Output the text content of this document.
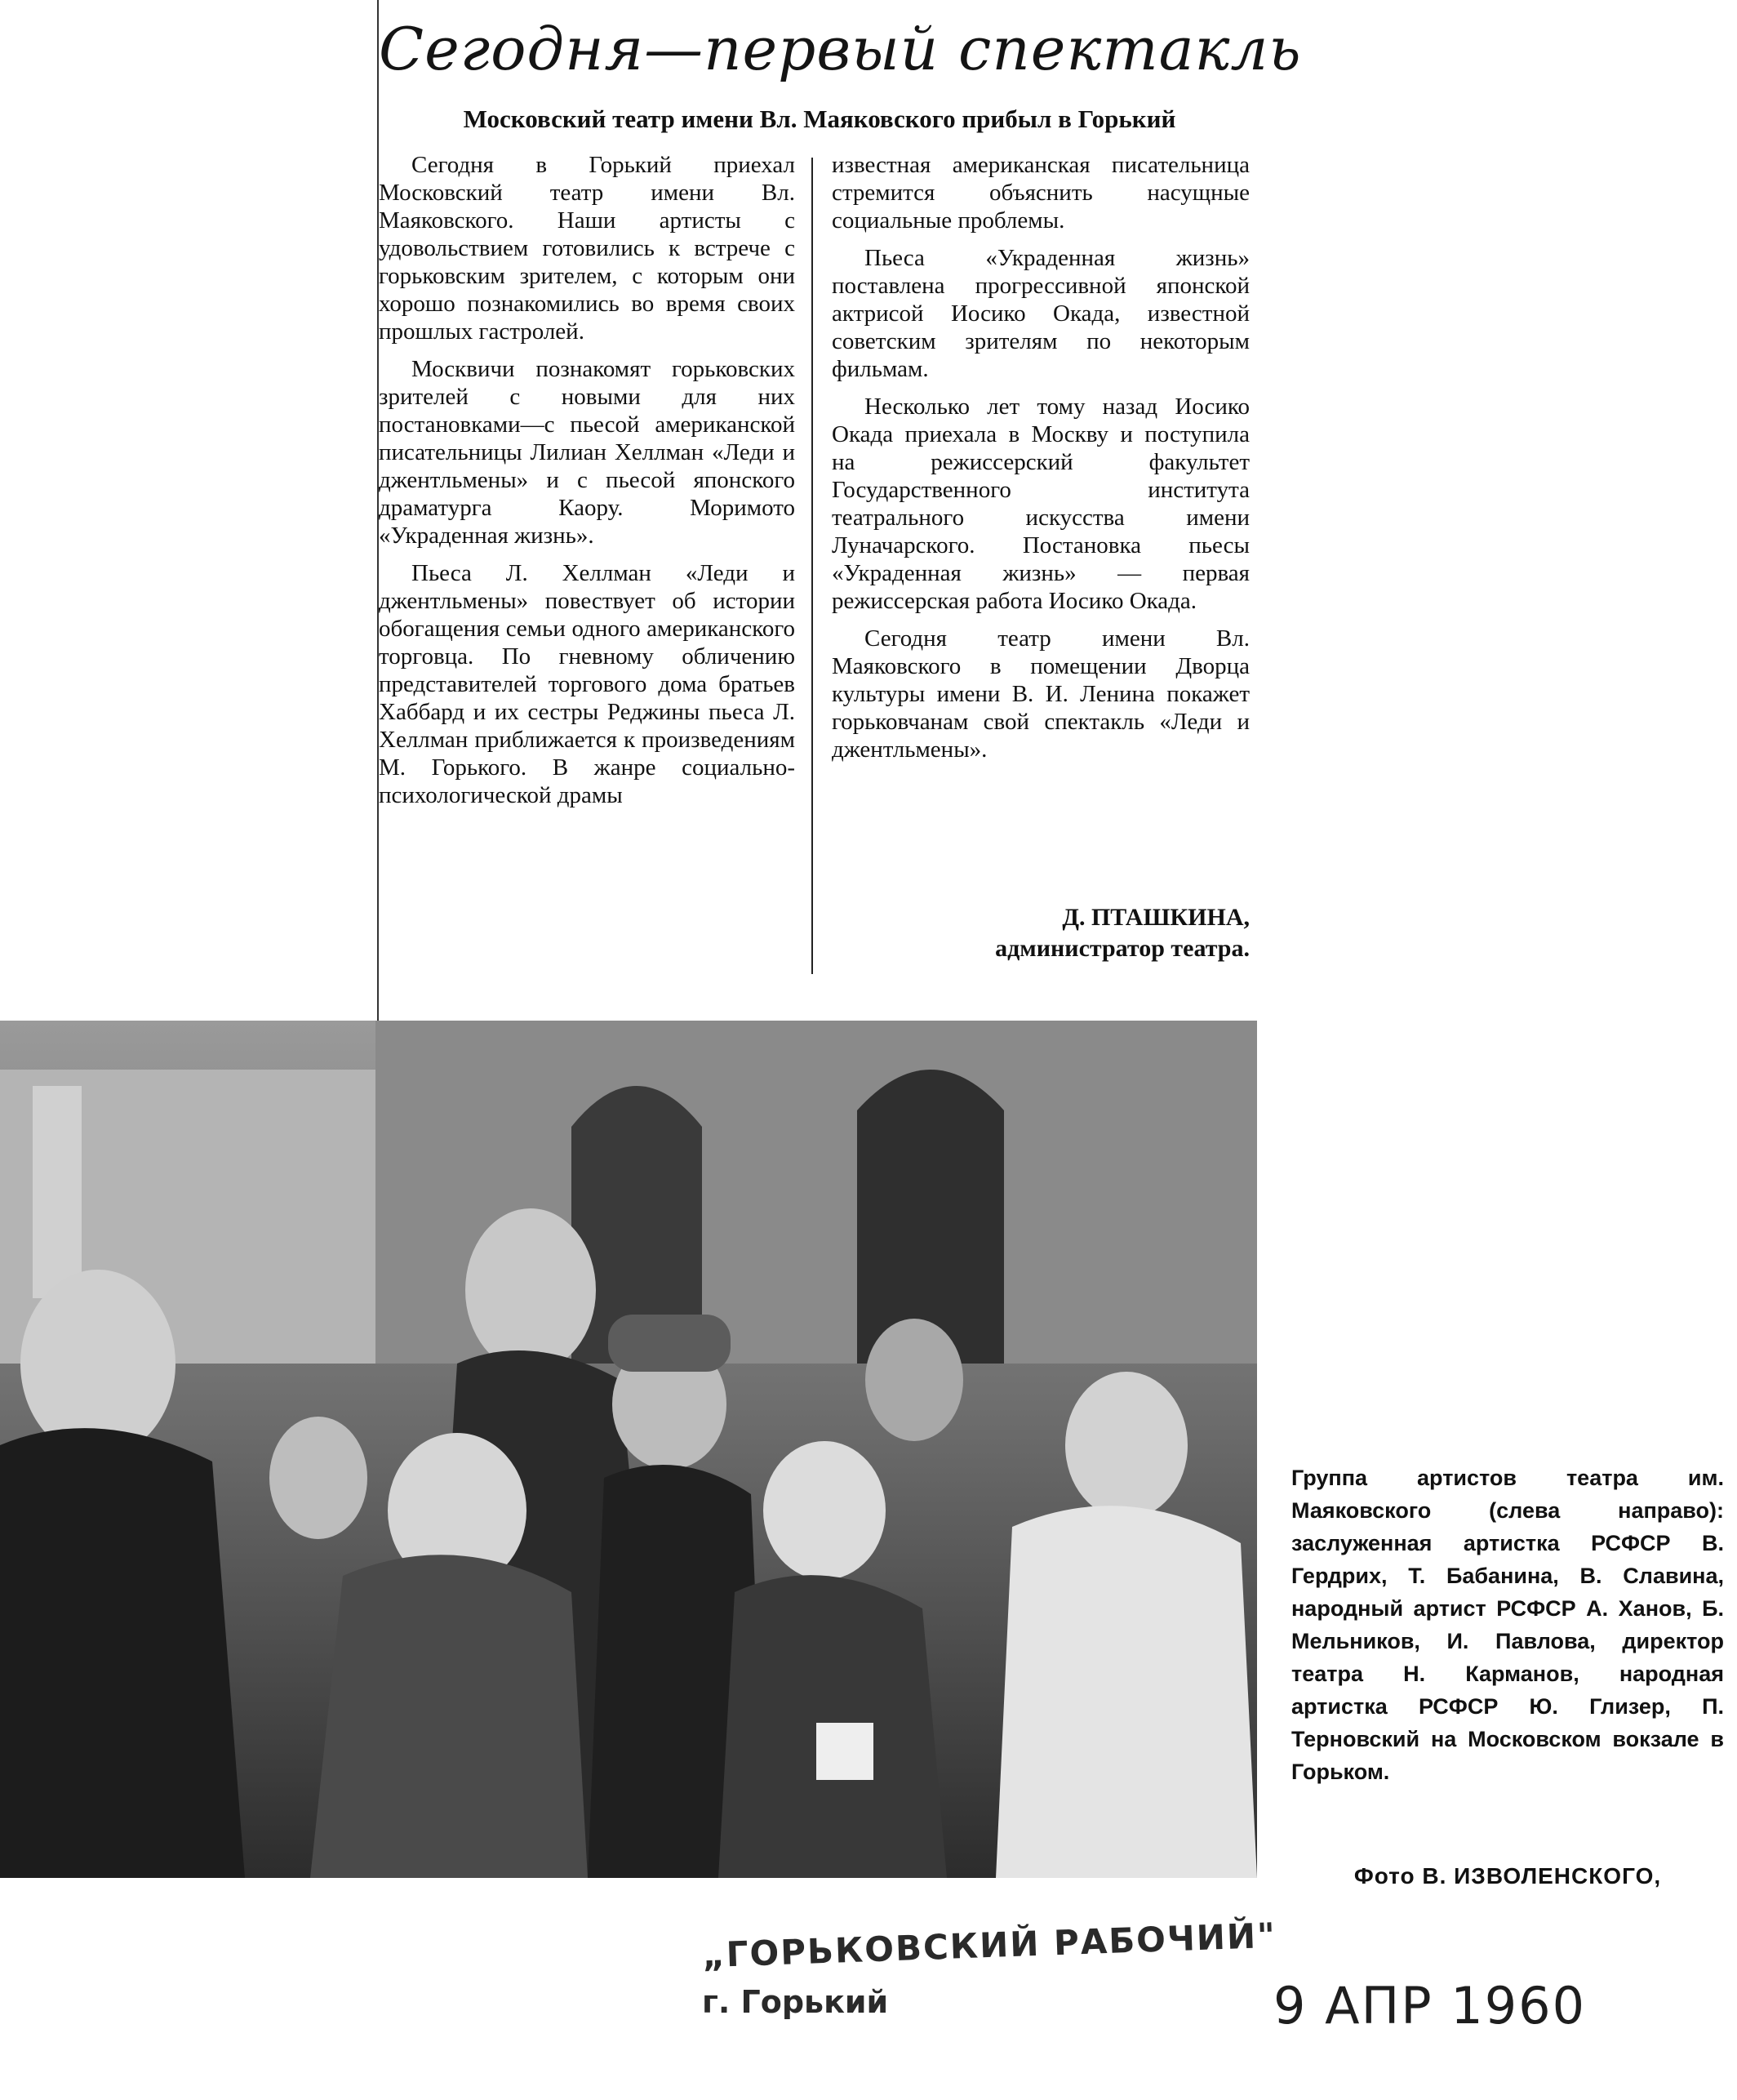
Сегодня—первый спектакль
Московский театр имени Вл. Маяковского прибыл в Горький

Сегодня в Горький приехал Московский театр имени Вл. Маяковского. Наши артисты с удовольствием готовились к встрече с горьковским зрителем, с которым они хорошо познакомились во время своих прошлых гастролей.

Москвичи познакомят горьковских зрителей с новыми для них постановками—с пьесой американской писательницы Лилиан Хеллман «Леди и джентльмены» и с пьесой японского драматурга Каору. Моримото «Украденная жизнь».

Пьеса Л. Хеллман «Леди и джентльмены» повествует об истории обогащения семьи одного американского торговца. По гневному обличению представителей торгового дома братьев Хаббард и их сестры Реджины пьеса Л. Хеллман приближается к произведениям М. Горького. В жанре социально-психологической драмы

известная американская писательница стремится объяснить насущные социальные проблемы.

Пьеса «Украденная жизнь» поставлена прогрессивной японской актрисой Иосико Окада, известной советским зрителям по некоторым фильмам.

Несколько лет тому назад Иосико Окада приехала в Москву и поступила на режиссерский факультет Государственного института театрального искусства имени Луначарского. Постановка пьесы «Украденная жизнь» — первая режиссерская работа Иосико Окада.

Сегодня театр имени Вл. Маяковского в помещении Дворца культуры имени В. И. Ленина покажет горьковчанам свой спектакль «Леди и джентльмены».

Д. ПТАШКИНА,
администратор театра.
Группа артистов театра им. Маяковского (слева направо): заслуженная артистка РСФСР В. Гердрих, Т. Бабанина, В. Славина, народный артист РСФСР А. Ханов, Б. Мельников, И. Павлова, директор театра Н. Карманов, народная артистка РСФСР Ю. Глизер, П. Терновский на Московском вокзале в Горьком.
Фото В. ИЗВОЛЕНСКОГО,
„ГОРЬКОВСКИЙ РАБОЧИЙ"
г. Горький	9 АПР 1960
